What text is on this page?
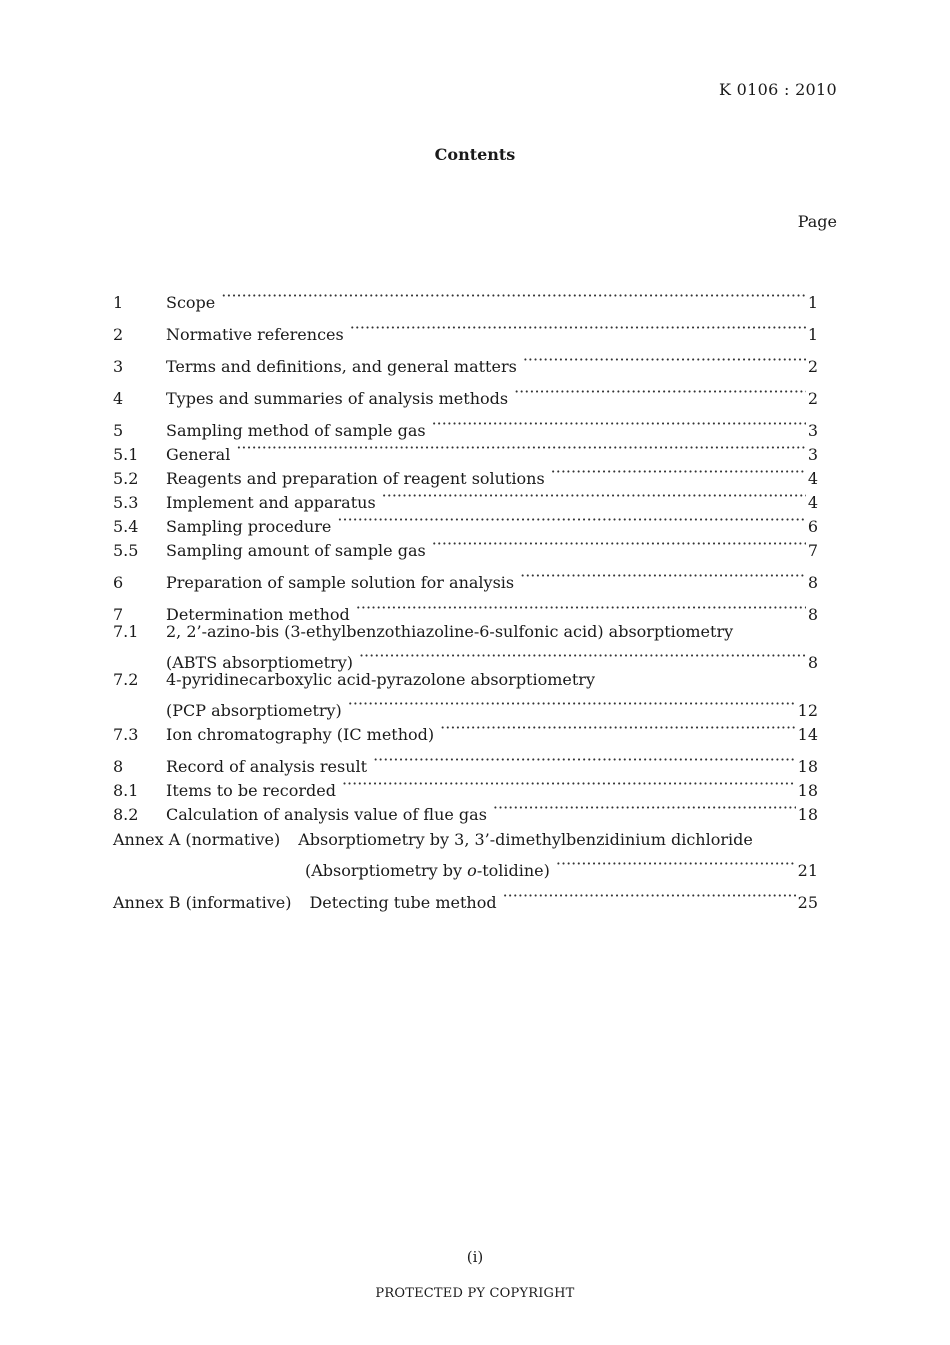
K 0106 : 2010
Contents
Page
1	Scope ·····	1
2	Normative references ·····	1
3	Terms and definitions, and general matters ·····	2
4	Types and summaries of analysis methods ·····	2
5	Sampling method of sample gas ·····	3
5.1	General ·····	3
5.2	Reagents and preparation of reagent solutions ·····	4
5.3	Implement and apparatus ·····	4
5.4	Sampling procedure ·····	6
5.5	Sampling amount of sample gas ·····	7
6	Preparation of sample solution for analysis ·····	8
7	Determination method ·····	8
7.1	2, 2’-azino-bis (3-ethylbenzothiazoline-6-sulfonic acid) absorptiometry
(ABTS absorptiometry) ·····	8
7.2	4-pyridinecarboxylic acid-pyrazolone absorptiometry
(PCP absorptiometry) ·····	12
7.3	Ion chromatography (IC method) ·····	14
8	Record of analysis result ·····	18
8.1	Items to be recorded ·····	18
8.2	Calculation of analysis value of flue gas ·····	18
Annex A (normative) Absorptiometry by 3, 3’-dimethylbenzidinium dichloride
(Absorptiometry by o-tolidine) ·····	21
Annex B (informative) Detecting tube method ·····	25
(i)
PROTECTED PY COPYRIGHT
